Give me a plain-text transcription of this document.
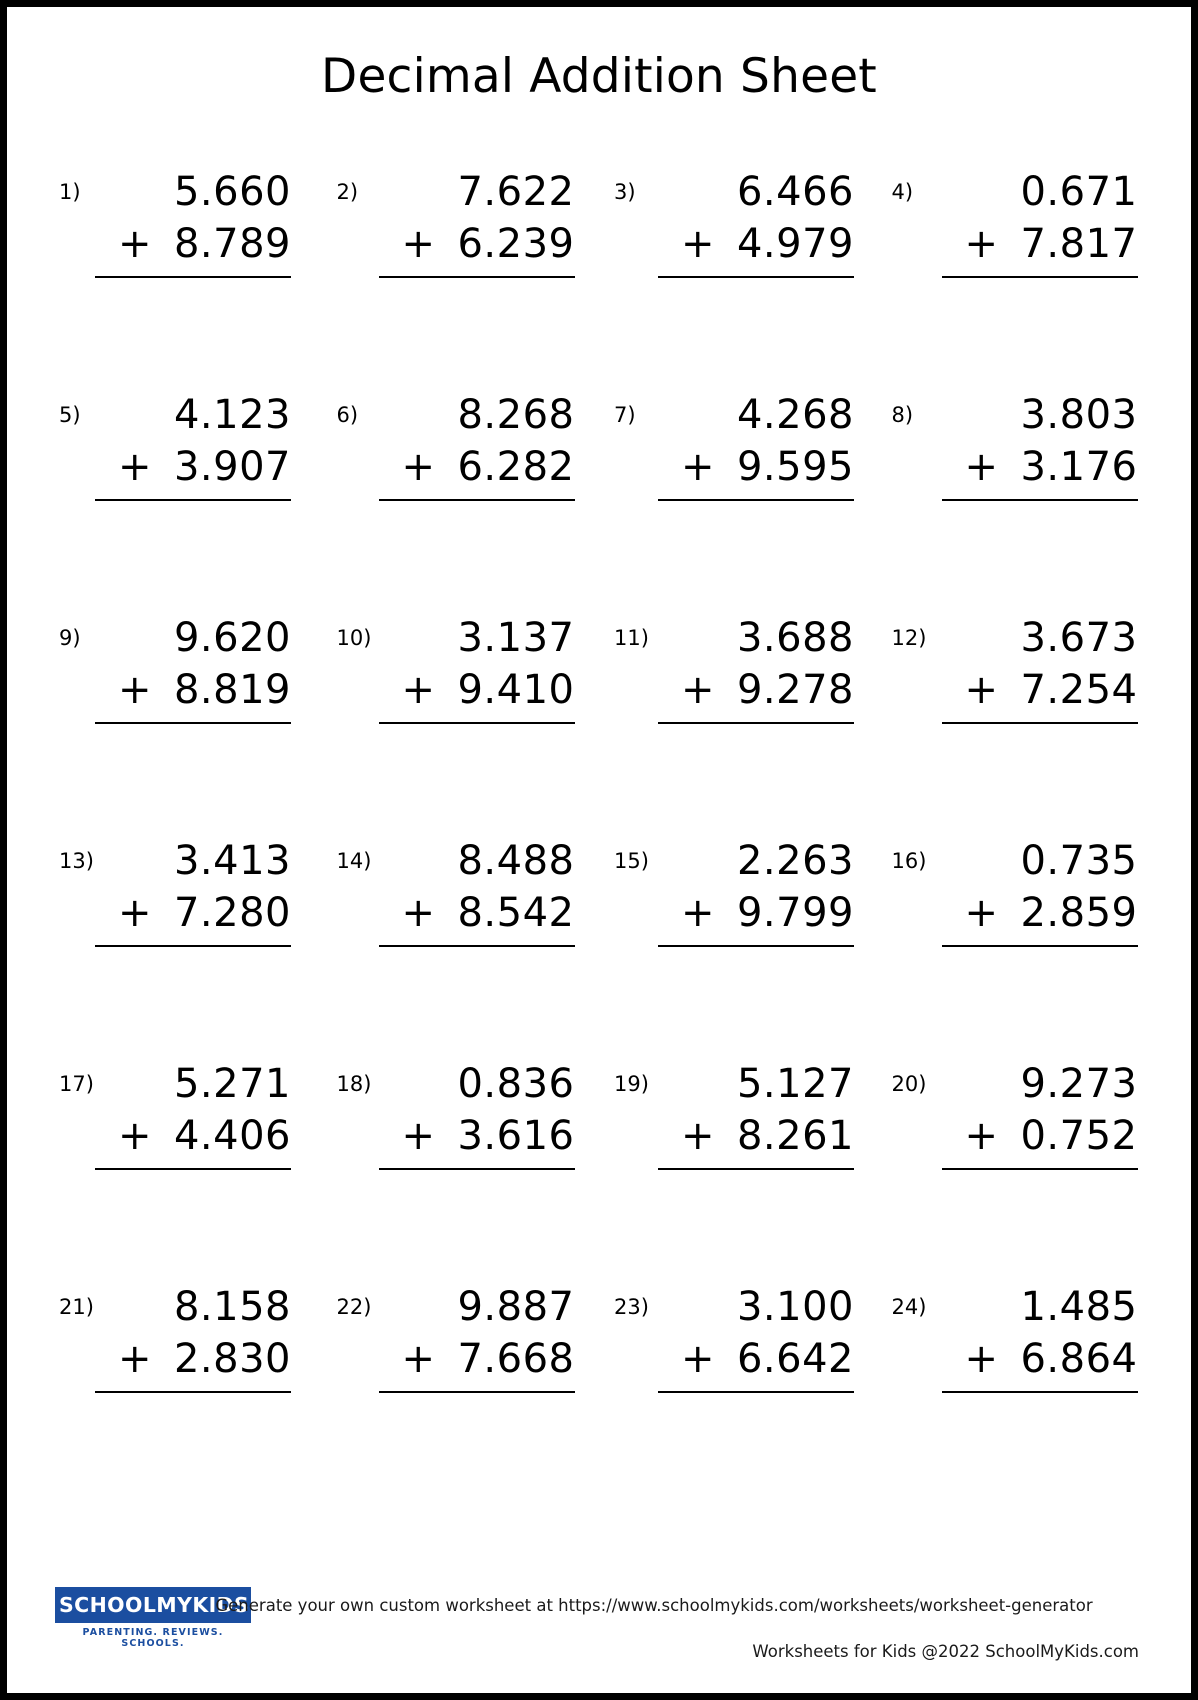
Decimal Addition Sheet
1) 5.660
+ 8.789
2) 7.622
+ 6.239
3)	6.466
+ 4.979
4)	0.671
+ 7.817
5) 4.123
+ 3.907
6) 8.268
+ 6.282
7)	4.268
+ 9.595
8)	3.803
+ 3.176
9) 9.620
+ 8.819
10) 3.137
+ 9.410
11) 3.688
+ 9.278
12) 3.673
+ 7.254
13) 3.413
+ 7.280
14) 8.488
+ 8.542
15) 2.263
+ 9.799
16) 0.735
+ 2.859
17) 5.271
+ 4.406
18) 0.836
+ 3.616
19) 5.127
+ 8.261
20) 9.273
+ 0.752
21) 8.158
+ 2.830
22) 9.887
+ 7.668
23) 3.100
+ 6.642
24) 1.485
+ 6.864
SCHOOLMYKIDS
PARENTING. REVIEWS. SCHOOLS.
Generate your own custom worksheet at https://www.schoolmykids.com/worksheets/worksheet-generator
Worksheets for Kids @2022 SchoolMyKids.com
